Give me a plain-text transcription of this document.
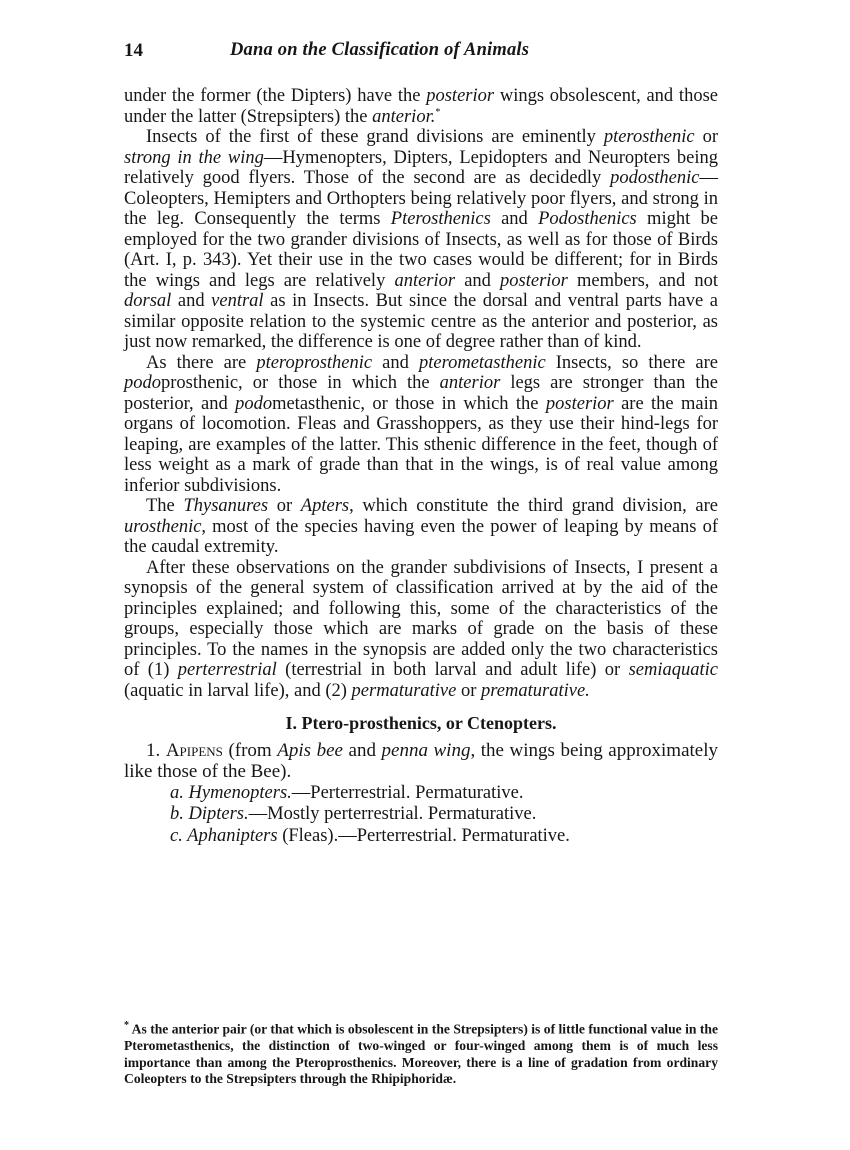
14	Dana on the Classification of Animals

under the former (the Dipters) have the posterior wings obsolescent, and those under the latter (Strepsipters) the anterior.*

Insects of the first of these grand divisions are eminently pterosthenic or strong in the wing—Hymenopters, Dipters, Lepidopters and Neuropters being relatively good flyers. Those of the second are as decidedly podosthenic—Coleopters, Hemipters and Orthopters being relatively poor flyers, and strong in the leg. Consequently the terms Pterosthenics and Podosthenics might be employed for the two grander divisions of Insects, as well as for those of Birds (Art. I, p. 343). Yet their use in the two cases would be different; for in Birds the wings and legs are relatively anterior and posterior members, and not dorsal and ventral as in Insects. But since the dorsal and ventral parts have a similar opposite relation to the systemic centre as the anterior and posterior, as just now remarked, the difference is one of degree rather than of kind.

As there are pteroprosthenic and pterometasthenic Insects, so there are podoprosthenic, or those in which the anterior legs are stronger than the posterior, and podometasthenic, or those in which the posterior are the main organs of locomotion. Fleas and Grasshoppers, as they use their hind-legs for leaping, are examples of the latter. This sthenic difference in the feet, though of less weight as a mark of grade than that in the wings, is of real value among inferior subdivisions.

The Thysanures or Apters, which constitute the third grand division, are urosthenic, most of the species having even the power of leaping by means of the caudal extremity.

After these observations on the grander subdivisions of Insects, I present a synopsis of the general system of classification arrived at by the aid of the principles explained; and following this, some of the characteristics of the groups, especially those which are marks of grade on the basis of these principles. To the names in the synopsis are added only the two characteristics of (1) perterrestrial (terrestrial in both larval and adult life) or semiaquatic (aquatic in larval life), and (2) permaturative or prematurative.

I. Ptero-prosthenics, or Ctenopters.

1. Apipens (from Apis bee and penna wing, the wings being approximately like those of the Bee).

a. Hymenopters.—Perterrestrial. Permaturative.

b. Dipters.—Mostly perterrestrial. Permaturative.

c. Aphanipters (Fleas).—Perterrestrial. Permaturative.

* As the anterior pair (or that which is obsolescent in the Strepsipters) is of little functional value in the Pterometasthenics, the distinction of two-winged or four-winged among them is of much less importance than among the Pteroprosthenics. Moreover, there is a line of gradation from ordinary Coleopters to the Strepsipters through the Rhipiphoridæ.
